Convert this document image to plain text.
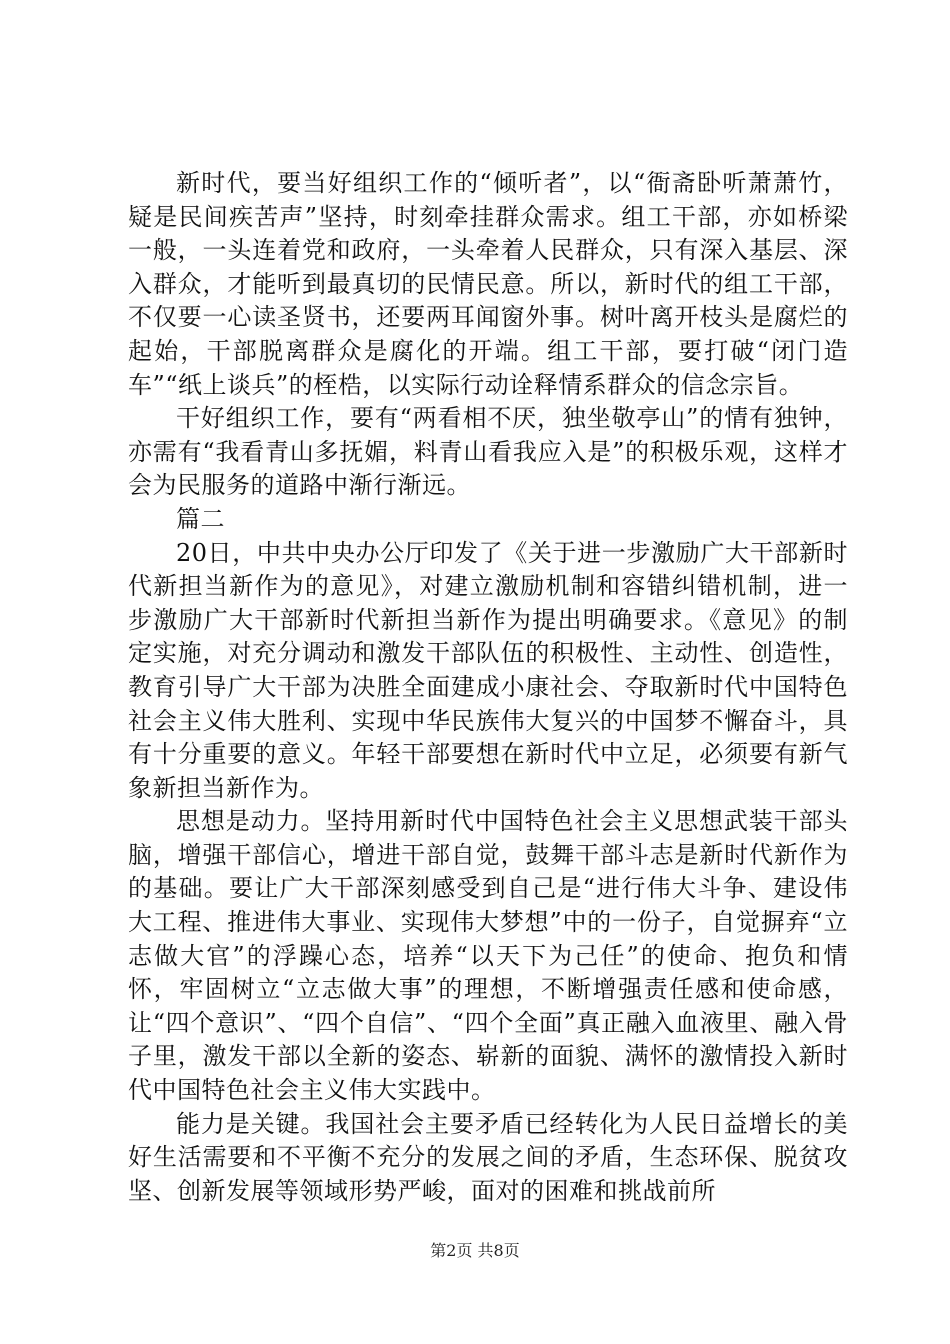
新时代，要当好组织工作的“倾听者”，以“衙斋卧听萧萧竹，疑是民间疾苦声”坚持，时刻牵挂群众需求。组工干部，亦如桥梁一般，一头连着党和政府，一头牵着人民群众，只有深入基层、深入群众，才能听到最真切的民情民意。所以，新时代的组工干部，不仅要一心读圣贤书，还要两耳闻窗外事。树叶离开枝头是腐烂的起始，干部脱离群众是腐化的开端。组工干部，要打破“闭门造车”“纸上谈兵”的桎梏，以实际行动诠释情系群众的信念宗旨。

干好组织工作，要有“两看相不厌，独坐敬亭山”的情有独钟，亦需有“我看青山多抚媚，料青山看我应入是”的积极乐观，这样才会为民服务的道路中渐行渐远。

篇二

20日，中共中央办公厅印发了《关于进一步激励广大干部新时代新担当新作为的意见》，对建立激励机制和容错纠错机制，进一步激励广大干部新时代新担当新作为提出明确要求。《意见》的制定实施，对充分调动和激发干部队伍的积极性、主动性、创造性，教育引导广大干部为决胜全面建成小康社会、夺取新时代中国特色社会主义伟大胜利、实现中华民族伟大复兴的中国梦不懈奋斗，具有十分重要的意义。年轻干部要想在新时代中立足，必须要有新气象新担当新作为。

思想是动力。坚持用新时代中国特色社会主义思想武装干部头脑，增强干部信心，增进干部自觉，鼓舞干部斗志是新时代新作为的基础。要让广大干部深刻感受到自己是“进行伟大斗争、建设伟大工程、推进伟大事业、实现伟大梦想”中的一份子，自觉摒弃“立志做大官”的浮躁心态，培养“以天下为己任”的使命、抱负和情怀，牢固树立“立志做大事”的理想，不断增强责任感和使命感，让“四个意识”、“四个自信”、“四个全面”真正融入血液里、融入骨子里，激发干部以全新的姿态、崭新的面貌、满怀的激情投入新时代中国特色社会主义伟大实践中。

能力是关键。我国社会主要矛盾已经转化为人民日益增长的美好生活需要和不平衡不充分的发展之间的矛盾，生态环保、脱贫攻坚、创新发展等领域形势严峻，面对的困难和挑战前所

第2页 共8页
